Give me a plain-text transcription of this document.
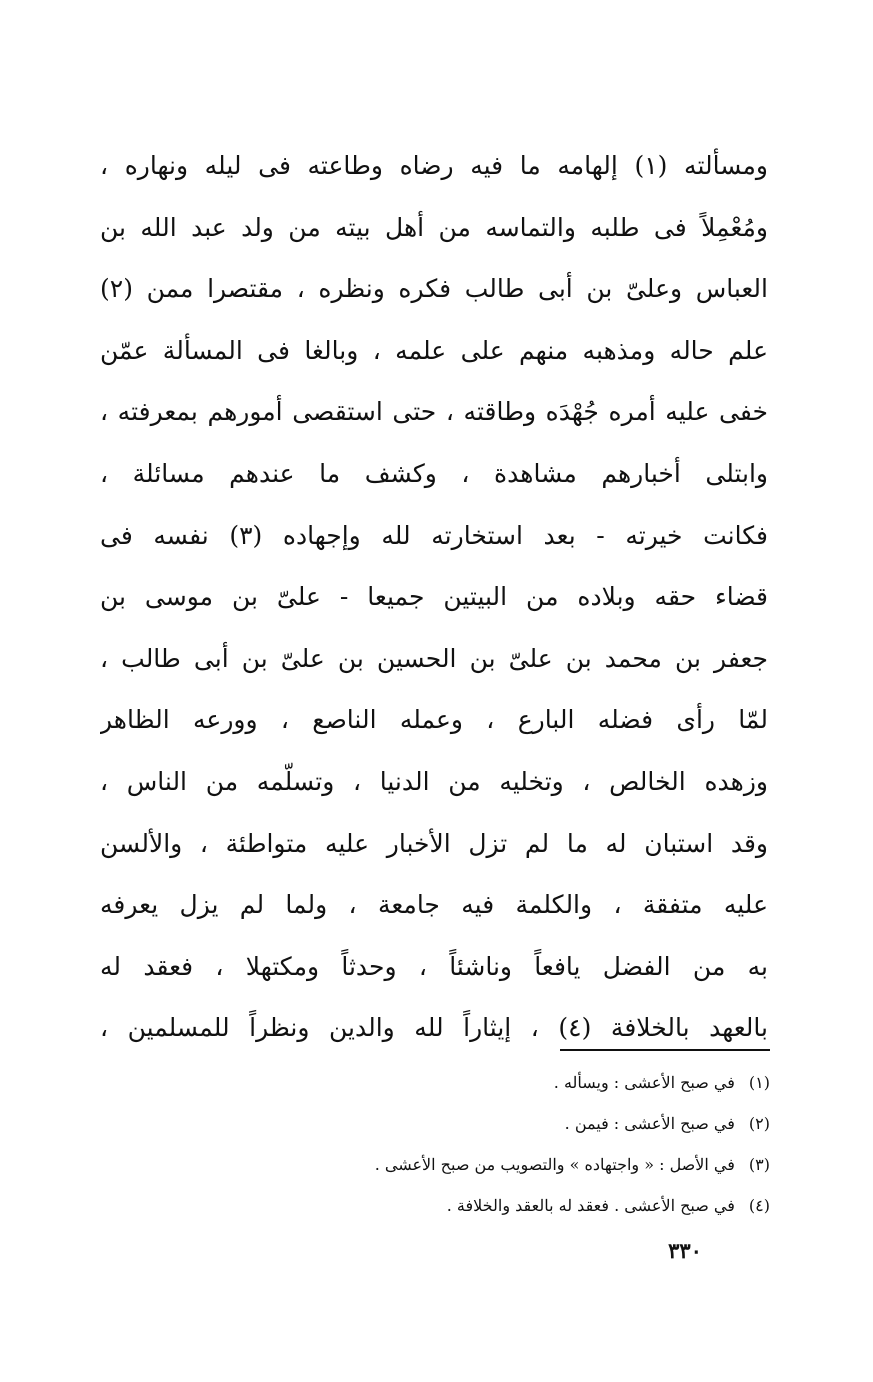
ومسألته (١) إلهامه ما فيه رضاه وطاعته فى ليله ونهاره ،
ومُعْمِلاً فى طلبه والتماسه من أهل بيته من ولد عبد الله بن
العباس وعلىّ بن أبى طالب فكره ونظره ، مقتصرا ممن (٢)
علم حاله ومذهبه منهم على علمه ، وبالغا فى المسألة عمّن
خفى عليه أمره جُهْدَه وطاقته ، حتى استقصى أمورهم بمعرفته ،
وابتلى أخبارهم مشاهدة ، وكشف ما عندهم مسائلة ،
فكانت خيرته - بعد استخارته لله وإجهاده (٣) نفسه فى
قضاء حقه وبلاده من البيتين جميعا - علىّ بن موسى بن
جعفر بن محمد بن علىّ بن الحسين بن علىّ بن أبى طالب ،
لمّا رأى فضله البارع ، وعمله الناصع ، وورعه الظاهر
وزهده الخالص ، وتخليه من الدنيا ، وتسلّمه من الناس ،
وقد استبان له ما لم تزل الأخبار عليه متواطئة ، والألسن
عليه متفقة ، والكلمة فيه جامعة ، ولما لم يزل يعرفه
به من الفضل يافعاً وناشئاً ، وحدثاً ومكتهلا ، فعقد له
بالعهد بالخلافة (٤) ، إيثاراً لله والدين ونظراً للمسلمين ،
(١)في صبح الأعشى : ويسأله .
(٢)في صبح الأعشى : فيمن .
(٣)في الأصل : « واجتهاده » والتصويب من صبح الأعشى .
(٤)في صبح الأعشى . فعقد له بالعقد والخلافة .
٣٣٠
